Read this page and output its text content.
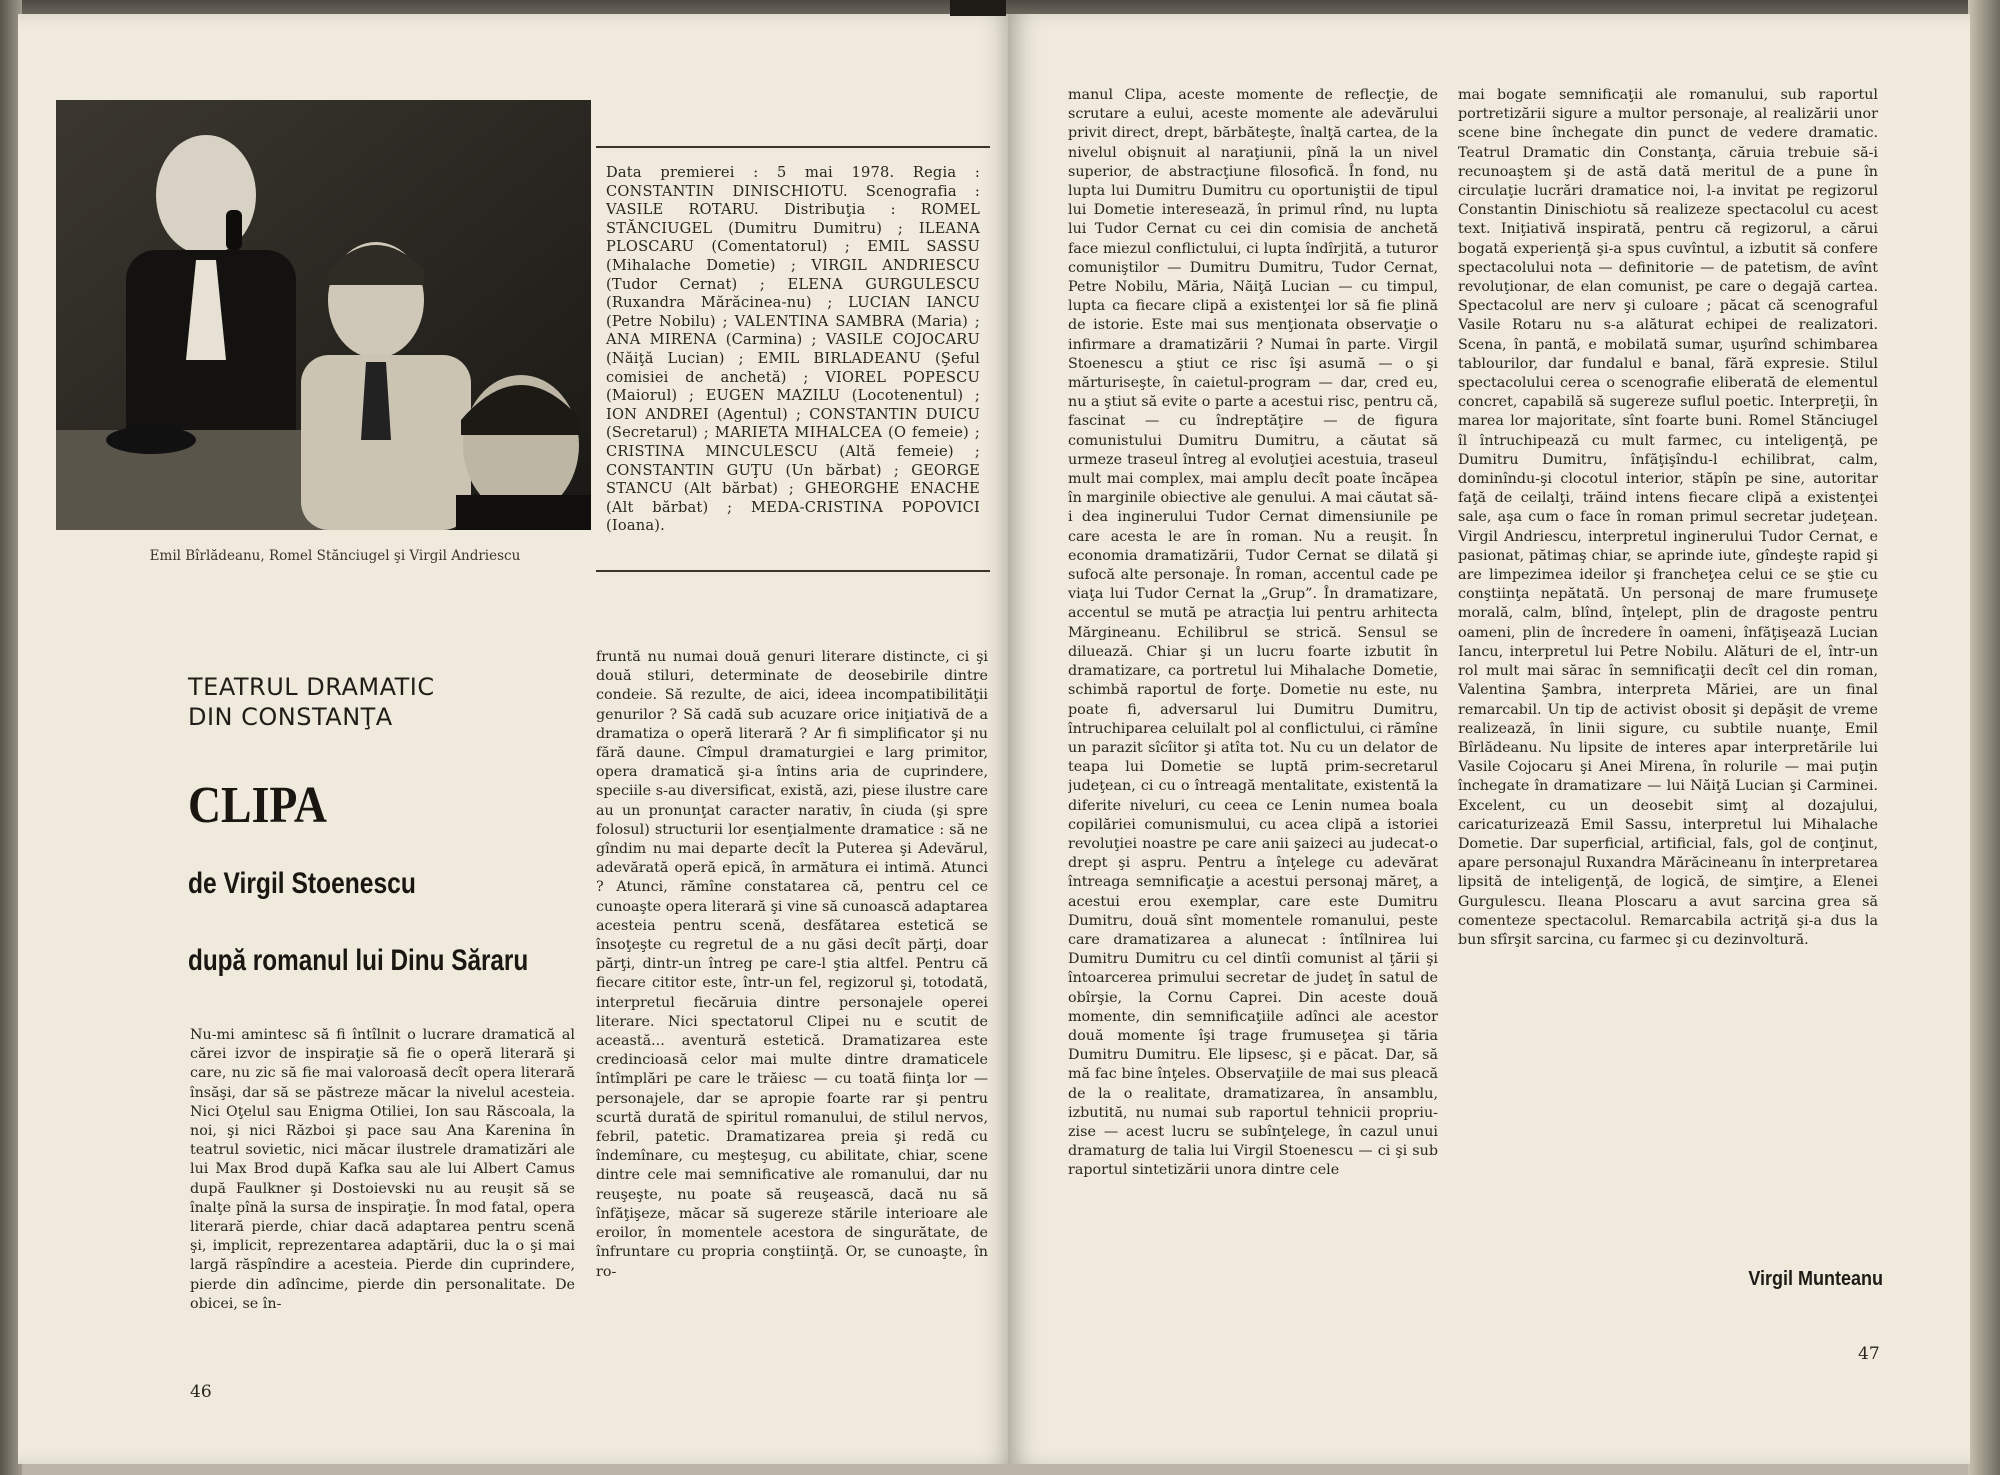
Emil Bîrlădeanu, Romel Stănciugel şi Virgil Andriescu

Data premierei : 5 mai 1978. Regia : CONSTANTIN DINISCHIOTU. Scenografia : VASILE ROTARU. Distribuţia : ROMEL STĂNCIUGEL (Dumitru Dumitru) ; ILEANA PLOSCARU (Comentatorul) ; EMIL SASSU (Mihalache Dometie) ; VIRGIL ANDRIESCU (Tudor Cernat) ; ELENA GURGULESCU (Ruxandra Mărăcinea-nu) ; LUCIAN IANCU (Petre Nobilu) ; VALENTINA SAMBRA (Maria) ; ANA MIRENA (Carmina) ; VASILE COJOCARU (Năiţă Lucian) ; EMIL BIRLADEANU (Şeful comisiei de anchetă) ; VIOREL POPESCU (Maiorul) ; EUGEN MAZILU (Locotenentul) ; ION ANDREI (Agentul) ; CONSTANTIN DUICU (Secretarul) ; MARIETA MIHALCEA (O femeie) ; CRISTINA MINCULESCU (Altă femeie) ; CONSTANTIN GUŢU (Un bărbat) ; GEORGE STANCU (Alt bărbat) ; GHEORGHE ENACHE (Alt bărbat) ; MEDA-CRISTINA POPOVICI (Ioana).

TEATRUL DRAMATIC
DIN CONSTANŢA
CLIPA
de Virgil Stoenescu
după romanul lui Dinu Săraru

Nu-mi amintesc să fi întîlnit o lucrare dramatică al cărei izvor de inspiraţie să fie o operă literară şi care, nu zic să fie mai valoroasă decît opera literară însăşi, dar să se păstreze măcar la nivelul acesteia. Nici Oţelul sau Enigma Otiliei, Ion sau Răscoala, la noi, şi nici Război şi pace sau Ana Karenina în teatrul sovietic, nici măcar ilustrele dramatizări ale lui Max Brod după Kafka sau ale lui Albert Camus după Faulkner şi Dostoievski nu au reuşit să se înalţe pînă la sursa de inspiraţie. În mod fatal, opera literară pierde, chiar dacă adaptarea pentru scenă şi, implicit, reprezentarea adaptării, duc la o şi mai largă răspîndire a acesteia. Pierde din cuprindere, pierde din adîncime, pierde din personalitate. De obicei, se în-

fruntă nu numai două genuri literare distincte, ci şi două stiluri, determinate de deosebirile dintre condeie. Să rezulte, de aici, ideea incompatibilităţii genurilor ? Să cadă sub acuzare orice iniţiativă de a dramatiza o operă literară ? Ar fi simplificator şi nu fără daune. Cîmpul dramaturgiei e larg primitor, opera dramatică şi-a întins aria de cuprindere, speciile s-au diversificat, există, azi, piese ilustre care au un pronunţat caracter narativ, în ciuda (şi spre folosul) structurii lor esenţialmente dramatice : să ne gîndim nu mai departe decît la Puterea şi Adevărul, adevărată operă epică, în armătura ei intimă. Atunci ? Atunci, rămîne constatarea că, pentru cel ce cunoaşte opera literară şi vine să cunoască adaptarea acesteia pentru scenă, desfătarea estetică se însoţeşte cu regretul de a nu găsi decît părţi, doar părţi, dintr-un întreg pe care-l ştia altfel. Pentru că fiecare cititor este, într-un fel, regizorul şi, totodată, interpretul fiecăruia dintre personajele operei literare. Nici spectatorul Clipei nu e scutit de această... aventură estetică. Dramatizarea este credincioasă celor mai multe dintre dramaticele întîmplări pe care le trăiesc — cu toată fiinţa lor — personajele, dar se apropie foarte rar şi pentru scurtă durată de spiritul romanului, de stilul nervos, febril, patetic. Dramatizarea preia şi redă cu îndemînare, cu meşteşug, cu abilitate, chiar, scene dintre cele mai semnificative ale romanului, dar nu reuşeşte, nu poate să reuşească, dacă nu să înfăţişeze, măcar să sugereze stările interioare ale eroilor, în momentele acestora de singurătate, de înfruntare cu propria conştiinţă. Or, se cunoaşte, în ro-

46

manul Clipa, aceste momente de reflecţie, de scrutare a eului, aceste momente ale adevărului privit direct, drept, bărbăteşte, înalţă cartea, de la nivelul obişnuit al naraţiunii, pînă la un nivel superior, de abstracţiune filosofică. În fond, nu lupta lui Dumitru Dumitru cu oportuniştii de tipul lui Dometie interesează, în primul rînd, nu lupta lui Tudor Cernat cu cei din comisia de anchetă face miezul conflictului, ci lupta îndîrjită, a tuturor comuniştilor — Dumitru Dumitru, Tudor Cernat, Petre Nobilu, Măria, Năiţă Lucian — cu timpul, lupta ca fiecare clipă a existenţei lor să fie plină de istorie. Este mai sus menţionata observaţie o infirmare a dramatizării ? Numai în parte. Virgil Stoenescu a ştiut ce risc îşi asumă — o şi mărturiseşte, în caietul-program — dar, cred eu, nu a ştiut să evite o parte a acestui risc, pentru că, fascinat — cu îndreptăţire — de figura comunistului Dumitru Dumitru, a căutat să urmeze traseul întreg al evoluţiei acestuia, traseul mult mai complex, mai amplu decît poate încăpea în marginile obiective ale genului. A mai căutat să-i dea inginerului Tudor Cernat dimensiunile pe care acesta le are în roman. Nu a reuşit. În economia dramatizării, Tudor Cernat se dilată şi sufocă alte personaje. În roman, accentul cade pe viaţa lui Tudor Cernat la „Grup”. În dramatizare, accentul se mută pe atracţia lui pentru arhitecta Mărgineanu. Echilibrul se strică. Sensul se diluează. Chiar şi un lucru foarte izbutit în dramatizare, ca portretul lui Mihalache Dometie, schimbă raportul de forţe. Dometie nu este, nu poate fi, adversarul lui Dumitru Dumitru, întruchiparea celuilalt pol al conflictului, ci rămîne un parazit sîcîitor şi atîta tot. Nu cu un delator de teapa lui Dometie se luptă prim-secretarul judeţean, ci cu o întreagă mentalitate, existentă la diferite niveluri, cu ceea ce Lenin numea boala copilăriei comunismului, cu acea clipă a istoriei revoluţiei noastre pe care anii şaizeci au judecat-o drept şi aspru. Pentru a înţelege cu adevărat întreaga semnificaţie a acestui personaj măreţ, a acestui erou exemplar, care este Dumitru Dumitru, două sînt momentele romanului, peste care dramatizarea a alunecat : întîlnirea lui Dumitru Dumitru cu cel dintîi comunist al ţării şi întoarcerea primului secretar de judeţ în satul de obîrşie, la Cornu Caprei. Din aceste două momente, din semnificaţiile adînci ale acestor două momente îşi trage frumuseţea şi tăria Dumitru Dumitru. Ele lipsesc, şi e păcat. Dar, să mă fac bine înţeles. Observaţiile de mai sus pleacă de la o realitate, dramatizarea, în ansamblu, izbutită, nu numai sub raportul tehnicii propriu-zise — acest lucru se subînţelege, în cazul unui dramaturg de talia lui Virgil Stoenescu — ci şi sub raportul sintetizării unora dintre cele

mai bogate semnificaţii ale romanului, sub raportul portretizării sigure a multor personaje, al realizării unor scene bine închegate din punct de vedere dramatic. Teatrul Dramatic din Constanţa, căruia trebuie să-i recunoaştem şi de astă dată meritul de a pune în circulaţie lucrări dramatice noi, l-a invitat pe regizorul Constantin Dinischiotu să realizeze spectacolul cu acest text. Iniţiativă inspirată, pentru că regizorul, a cărui bogată experienţă şi-a spus cuvîntul, a izbutit să confere spectacolului nota — definitorie — de patetism, de avînt revoluţionar, de elan comunist, pe care o degajă cartea. Spectacolul are nerv şi culoare ; păcat că scenograful Vasile Rotaru nu s-a alăturat echipei de realizatori. Scena, în pantă, e mobilată sumar, uşurînd schimbarea tablourilor, dar fundalul e banal, fără expresie. Stilul spectacolului cerea o scenografie eliberată de elementul concret, capabilă să sugereze suflul poetic. Interpreţii, în marea lor majoritate, sînt foarte buni. Romel Stănciugel îl întruchipează cu mult farmec, cu inteligenţă, pe Dumitru Dumitru, înfăţişîndu-l echilibrat, calm, dominîndu-şi clocotul interior, stăpîn pe sine, autoritar faţă de ceilalţi, trăind intens fiecare clipă a existenţei sale, aşa cum o face în roman primul secretar judeţean. Virgil Andriescu, interpretul inginerului Tudor Cernat, e pasionat, pătimaş chiar, se aprinde iute, gîndeşte rapid şi are limpezimea ideilor şi francheţea celui ce se ştie cu conştiinţa nepătată. Un personaj de mare frumuseţe morală, calm, blînd, înţelept, plin de dragoste pentru oameni, plin de încredere în oameni, înfăţişează Lucian Iancu, interpretul lui Petre Nobilu. Alături de el, într-un rol mult mai sărac în semnificaţii decît cel din roman, Valentina Şambra, interpreta Măriei, are un final remarcabil. Un tip de activist obosit şi depăşit de vreme realizează, în linii sigure, cu subtile nuanţe, Emil Bîrlădeanu. Nu lipsite de interes apar interpretările lui Vasile Cojocaru şi Anei Mirena, în rolurile — mai puţin închegate în dramatizare — lui Năiţă Lucian şi Carminei. Excelent, cu un deosebit simţ al dozajului, caricaturizează Emil Sassu, interpretul lui Mihalache Dometie. Dar superficial, artificial, fals, gol de conţinut, apare personajul Ruxandra Mărăcineanu în interpretarea lipsită de inteligenţă, de logică, de simţire, a Elenei Gurgulescu. Ileana Ploscaru a avut sarcina grea să comenteze spectacolul. Remarcabila actriţă şi-a dus la bun sfîrşit sarcina, cu farmec şi cu dezinvoltură.

Virgil Munteanu
47
